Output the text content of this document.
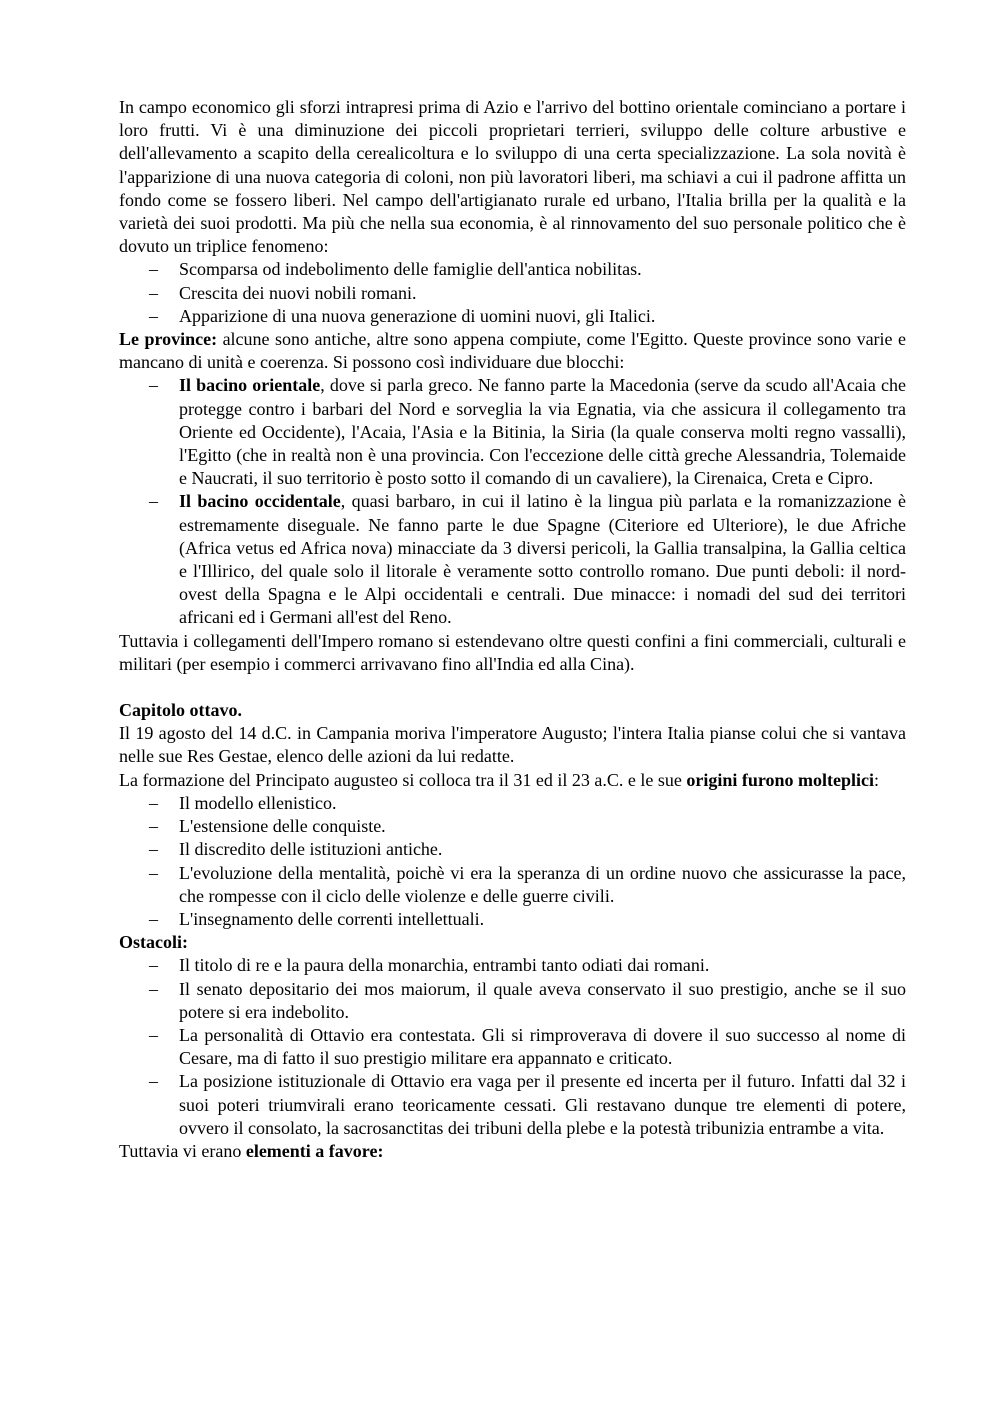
In campo economico gli sforzi intrapresi prima di Azio e l'arrivo del bottino orientale cominciano a portare i loro frutti. Vi è una diminuzione dei piccoli proprietari terrieri, sviluppo delle colture arbustive e dell'allevamento a scapito della cerealicoltura e lo sviluppo di una certa specializzazione. La sola novità è l'apparizione di una nuova categoria di coloni, non più lavoratori liberi, ma schiavi a cui il padrone affitta un fondo come se fossero liberi. Nel campo dell'artigianato rurale ed urbano, l'Italia brilla per la qualità e la varietà dei suoi prodotti. Ma più che nella sua economia, è al rinnovamento del suo personale politico che è dovuto un triplice fenomeno:

– Scomparsa od indebolimento delle famiglie dell'antica nobilitas.
– Crescita dei nuovi nobili romani.
– Apparizione di una nuova generazione di uomini nuovi, gli Italici.

Le province: alcune sono antiche, altre sono appena compiute, come l'Egitto. Queste province sono varie e mancano di unità e coerenza. Si possono così individuare due blocchi:

– Il bacino orientale, dove si parla greco. Ne fanno parte la Macedonia (serve da scudo all'Acaia che protegge contro i barbari del Nord e sorveglia la via Egnatia, via che assicura il collegamento tra Oriente ed Occidente), l'Acaia, l'Asia e la Bitinia, la Siria (la quale conserva molti regno vassalli), l'Egitto (che in realtà non è una provincia. Con l'eccezione delle città greche Alessandria, Tolemaide e Naucrati, il suo territorio è posto sotto il comando di un cavaliere), la Cirenaica, Creta e Cipro.
– Il bacino occidentale, quasi barbaro, in cui il latino è la lingua più parlata e la romanizzazione è estremamente diseguale. Ne fanno parte le due Spagne (Citeriore ed Ulteriore), le due Afriche (Africa vetus ed Africa nova) minacciate da 3 diversi pericoli, la Gallia transalpina, la Gallia celtica e l'Illirico, del quale solo il litorale è veramente sotto controllo romano. Due punti deboli: il nord-ovest della Spagna e le Alpi occidentali e centrali. Due minacce: i nomadi del sud dei territori africani ed i Germani all'est del Reno.

Tuttavia i collegamenti dell'Impero romano si estendevano oltre questi confini a fini commerciali, culturali e militari (per esempio i commerci arrivavano fino all'India ed alla Cina).

Capitolo ottavo.

Il 19 agosto del 14 d.C. in Campania moriva l'imperatore Augusto; l'intera Italia pianse colui che si vantava nelle sue Res Gestae, elenco delle azioni da lui redatte.

La formazione del Principato augusteo si colloca tra il 31 ed il 23 a.C. e le sue origini furono molteplici:

– Il modello ellenistico.
– L'estensione delle conquiste.
– Il discredito delle istituzioni antiche.
– L'evoluzione della mentalità, poichè vi era la speranza di un ordine nuovo che assicurasse la pace, che rompesse con il ciclo delle violenze e delle guerre civili.
– L'insegnamento delle correnti intellettuali.

Ostacoli:

– Il titolo di re e la paura della monarchia, entrambi tanto odiati dai romani.
– Il senato depositario dei mos maiorum, il quale aveva conservato il suo prestigio, anche se il suo potere si era indebolito.
– La personalità di Ottavio era contestata. Gli si rimproverava di dovere il suo successo al nome di Cesare, ma di fatto il suo prestigio militare era appannato e criticato.
– La posizione istituzionale di Ottavio era vaga per il presente ed incerta per il futuro. Infatti dal 32 i suoi poteri triumvirali erano teoricamente cessati. Gli restavano dunque tre elementi di potere, ovvero il consolato, la sacrosanctitas dei tribuni della plebe e la potestà tribunizia entrambe a vita.

Tuttavia vi erano elementi a favore:
